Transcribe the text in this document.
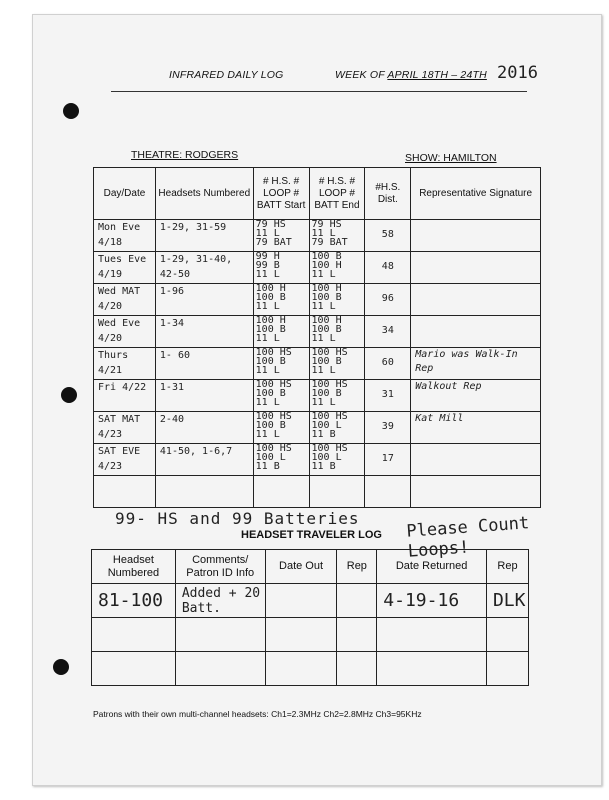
INFRARED DAILY LOG	WEEK OF APRIL 18TH – 24TH 2016
THEATRE: RODGERS	SHOW: HAMILTON
Day/Date	Headsets Numbered	# H.S. # LOOP # BATT Start	# H.S. # LOOP # BATT End	#H.S. Dist.	Representative Signature
Mon Eve 4/18	1-29, 31-59	79 HS
11 L
79 BAT	79 HS
11 L
79 BAT	58	
Tues Eve 4/19	1-29, 31-40, 42-50	99 H
99 B
11 L	100 B
100 H
11 L	48	
Wed MAT 4/20	1-96	100 H
100 B
11 L	100 H
100 B
11 L	96	
Wed Eve 4/20	1-34	100 H
100 B
11 L	100 H
100 B
11 L	34	
Thurs 4/21	1- 60	100 HS
100 B
11 L	100 HS
100 B
11 L	60	Mario was Walk-In Rep
Fri 4/22	1-31	100 HS
100 B
11 L	100 HS
100 B
11 L	31	Walkout Rep
SAT MAT 4/23	2-40	100 HS
100 B
11 L	100 HS
100 L
11 B	39	Kat Mill
SAT EVE 4/23	41-50, 1-6,7	100 HS
100 L
11 B	100 HS
100 L
11 B	17	

99- HS and 99 Batteries	Please Count Loops!
HEADSET TRAVELER LOG
Headset Numbered	Comments/ Patron ID Info	Date Out	Rep	Date Returned	Rep
81-100	Added + 20 Batt.			4-19-16	DLK

Patrons with their own multi-channel headsets: Ch1=2.3MHz Ch2=2.8MHz Ch3=95KHz
